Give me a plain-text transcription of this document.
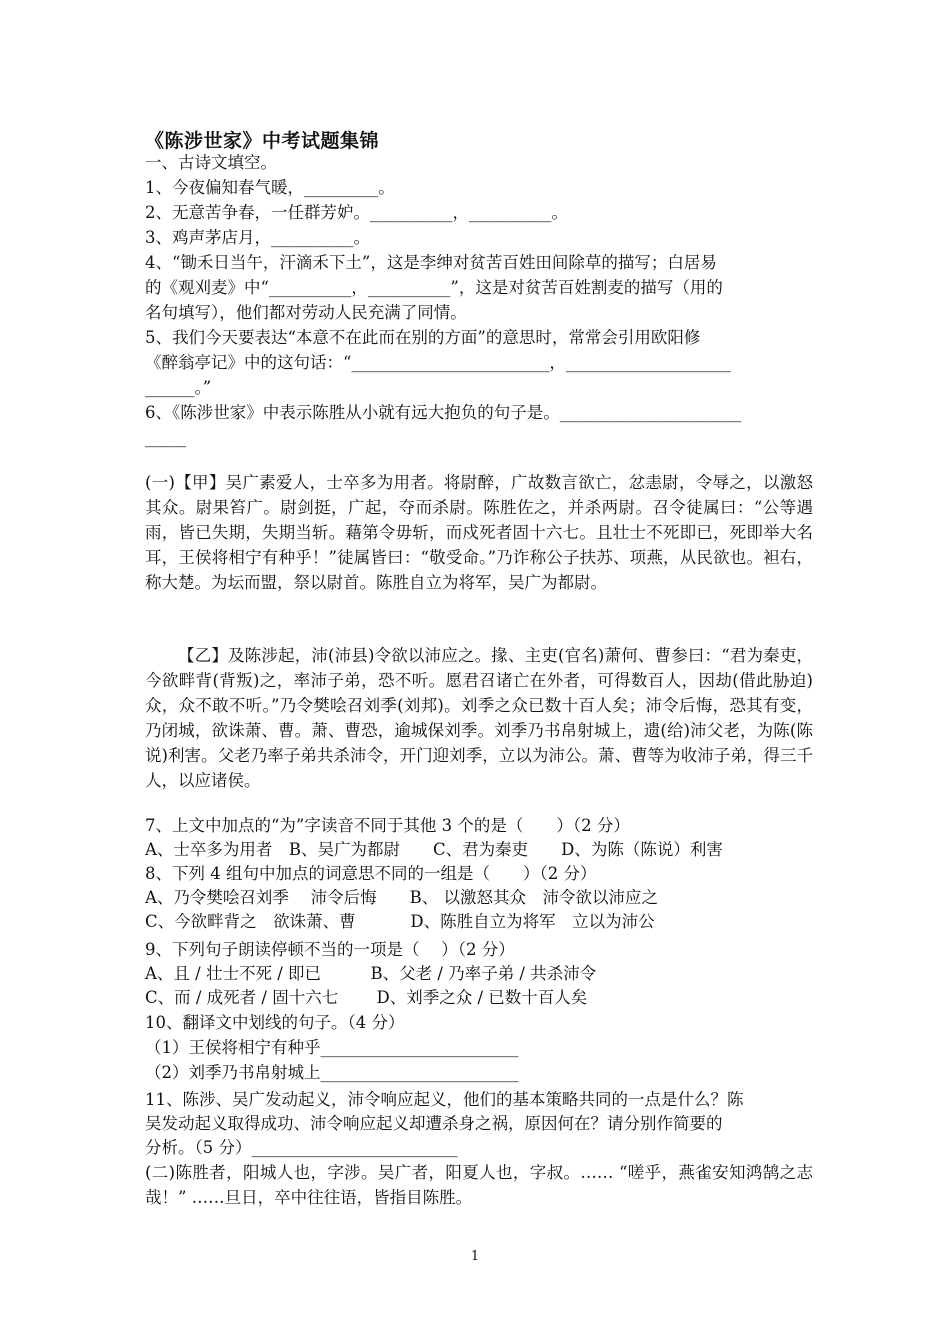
《陈涉世家》中考试题集锦
一、古诗文填空。
1、今夜偏知春气暖，_________。
2、无意苦争春，一任群芳妒。__________，__________。
3、鸡声茅店月，__________。
4、“锄禾日当午，汗滴禾下土”，这是李绅对贫苦百姓田间除草的描写；白居易
的《观刈麦》中“__________，__________”，这是对贫苦百姓割麦的描写（用的
名句填写），他们都对劳动人民充满了同情。
5、我们今天要表达“本意不在此而在别的方面”的意思时，常常会引用欧阳修
《醉翁亭记》中的这句话：“________________________，____________________
______。”
6、《陈涉世家》中表示陈胜从小就有远大抱负的句子是。______________________
_____
(一)【甲】吴广素爱人，士卒多为用者。将尉醉，广故数言欲亡，忿恚尉，令辱之，以激怒其众。尉果笞广。尉剑挺，广起，夺而杀尉。陈胜佐之，并杀两尉。召令徒属曰：“公等遇雨，皆已失期，失期当斩。藉第令毋斩，而戍死者固十六七。且壮士不死即已，死即举大名耳，王侯将相宁有种乎！”徒属皆曰：“敬受命。”乃诈称公子扶苏、项燕，从民欲也。袒右，称大楚。为坛而盟，祭以尉首。陈胜自立为将军，吴广为都尉。
【乙】及陈涉起，沛(沛县)令欲以沛应之。掾、主吏(官名)萧何、曹参曰：“君为秦吏，今欲畔背(背叛)之，率沛子弟，恐不听。愿君召诸亡在外者，可得数百人，因劫(借此胁迫)众，众不敢不听。”乃令樊哙召刘季(刘邦)。刘季之众已数十百人矣；沛令后悔，恐其有变，乃闭城，欲诛萧、曹。萧、曹恐，逾城保刘季。刘季乃书帛射城上，遗(给)沛父老，为陈(陈说)利害。父老乃率子弟共杀沛令，开门迎刘季，立以为沛公。萧、曹等为收沛子弟，得三千人，以应诸侯。
7、上文中加点的“为”字读音不同于其他 3 个的是（　　）（2 分）
A、士卒多为用者　B、吴广为都尉　　C、君为秦吏　　D、为陈（陈说）利害
8、下列 4 组句中加点的词意思不同的一组是（　　）（2 分）
A、乃令樊哙召刘季　 沛令后悔　　B、 以激怒其众　沛令欲以沛应之
C、今欲畔背之　欲诛萧、曹　　　 D、陈胜自立为将军　立以为沛公
9、下列句子朗读停顿不当的一项是（　 ）（2 分）
A、且 / 壮士不死 / 即已　　　B、父老 / 乃率子弟 / 共杀沛令
C、而 / 成死者 / 固十六七　　 D、刘季之众 / 已数十百人矣
10、翻译文中划线的句子。（4 分）
（1）王侯将相宁有种乎________________________
（2）刘季乃书帛射城上________________________
11、陈涉、吴广发动起义，沛令响应起义，他们的基本策略共同的一点是什么？陈
吴发动起义取得成功、沛令响应起义却遭杀身之祸，原因何在？请分别作简要的
分析。（5 分）_________________________
(二)陈胜者，阳城人也，字涉。吴广者，阳夏人也，字叔。…… “嗟乎，燕雀安知鸿鹄之志哉！” ……旦日，卒中往往语，皆指目陈胜。
1
